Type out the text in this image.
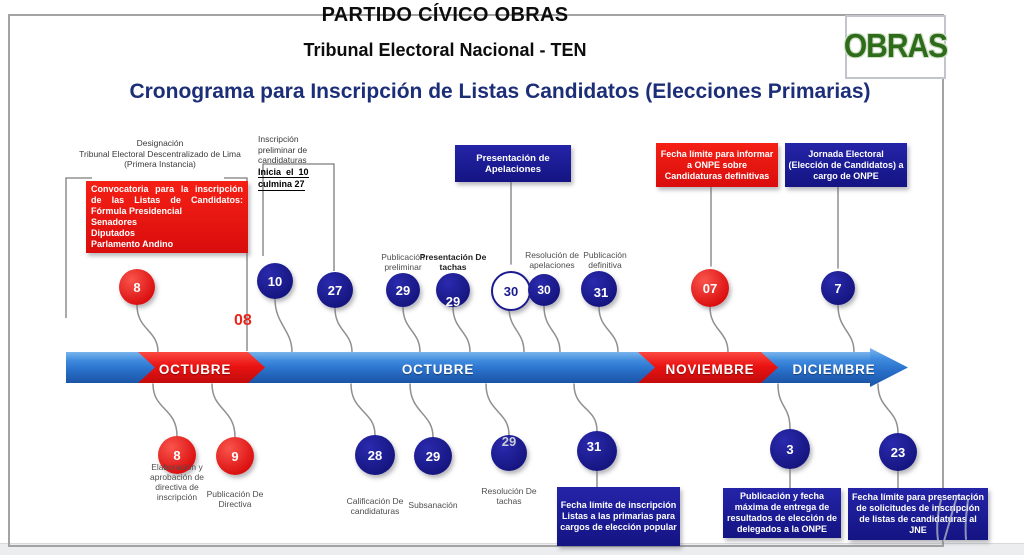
PARTIDO CÍVICO OBRAS
Tribunal Electoral Nacional - TEN
Cronograma para Inscripción de Listas Candidatos (Elecciones Primarias)
OBRAS
Designación
Tribunal Electoral Descentralizado de Lima
(Primera Instancia)
Convocatoria para la inscripción
de las Listas de Candidatos:
Fórmula Presidencial
Senadores
Diputados
Parlamento Andino
Inscripción
preliminar de
candidaturas
Inicia  el  10
culmina 27
Presentación de Apelaciones
Fecha límite para informar a ONPE sobre Candidaturas definitivas
Jornada Electoral (Elección de Candidatos) a cargo de ONPE
08
OCTUBRE	OCTUBRE	NOVIEMBRE	DICIEMBRE
Publicación preliminar
Presentación De tachas
Resolución de apelaciones
Publicación definitiva
8	10
27	29
29
30 30	31	07	7
8	9	28	29
29	31	3	23
Elaboración y aprobación de directiva de inscripción	Publicación De Directiva	Calificación De candidaturas
Subsanación
Resolución De tachas	Fecha límite de inscripción Listas a las primarias para cargos de elección popular
Publicación y fecha máxima de entrega de resultados de elección de delegados a la ONPE
Fecha límite para presentación de solicitudes de inscripción de listas de candidaturas al JNE
